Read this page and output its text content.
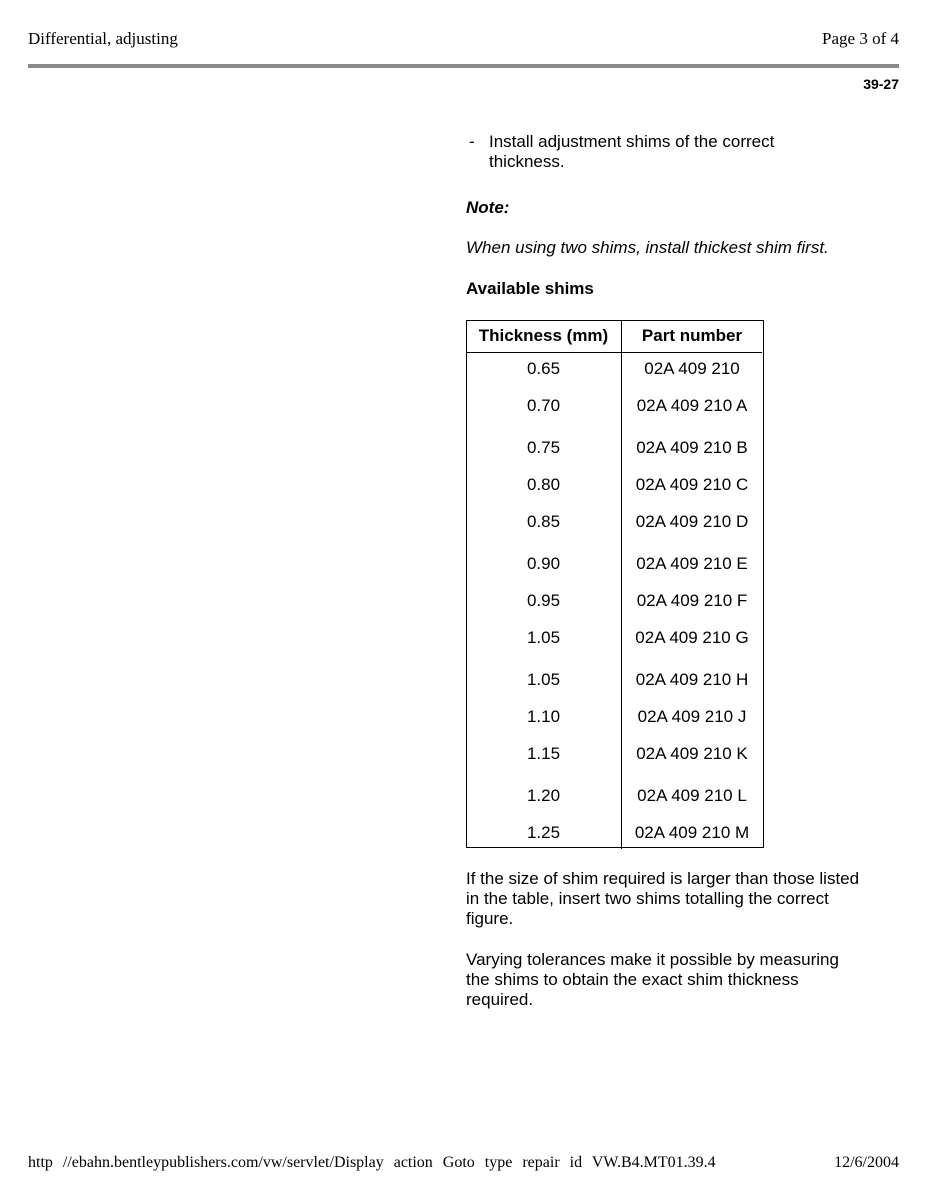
Differential, adjusting	Page 3 of 4
39-27
- Install adjustment shims of the correct thickness.
Note:
When using two shims, install thickest shim first.
Available shims
Thickness (mm)	Part number
0.65	02A 409 210
0.70	02A 409 210 A
0.75	02A 409 210 B
0.80	02A 409 210 C
0.85	02A 409 210 D
0.90	02A 409 210 E
0.95	02A 409 210 F
1.05	02A 409 210 G
1.05	02A 409 210 H
1.10	02A 409 210 J
1.15	02A 409 210 K
1.20	02A 409 210 L
1.25	02A 409 210 M
If the size of shim required is larger than those listed in the table, insert two shims totalling the correct figure.
Varying tolerances make it possible by measuring the shims to obtain the exact shim thickness required.
http //ebahn.bentleypublishers.com/vw/servlet/Display action Goto type repair id VW.B4.MT01.39.4	12/6/2004
